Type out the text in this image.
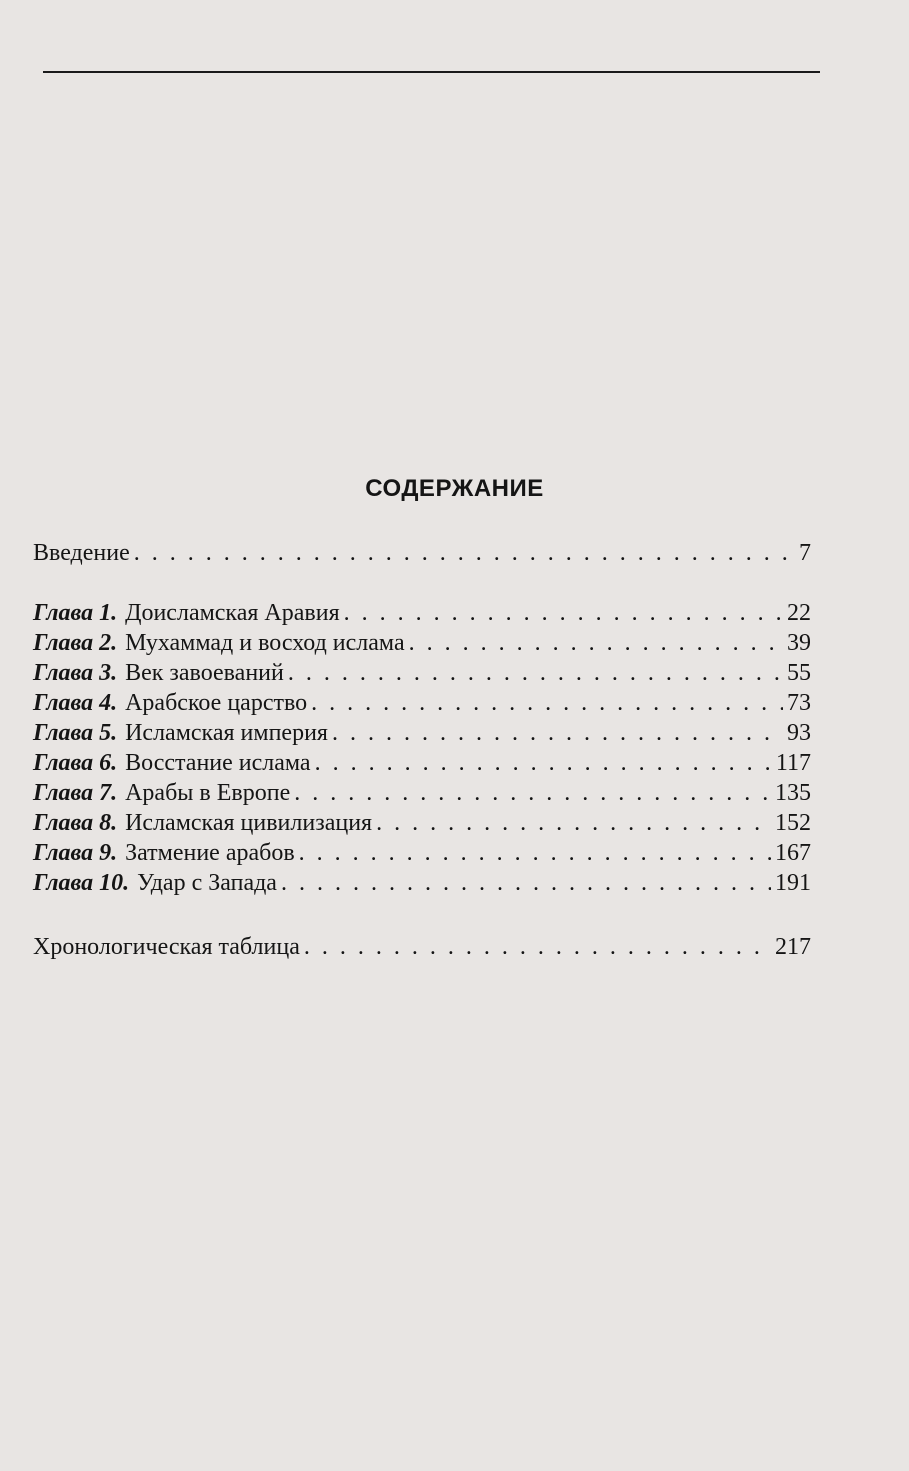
СОДЕРЖАНИЕ
Введение . . .	7
Глава 1. Доисламская Аравия . . .	22
Глава 2. Мухаммад и восход ислама . . .	39
Глава 3. Век завоеваний . . .	55
Глава 4. Арабское царство . . .	73
Глава 5. Исламская империя . . .	93
Глава 6. Восстание ислама . . .	117
Глава 7. Арабы в Европе . . .	135
Глава 8. Исламская цивилизация . . .	152
Глава 9. Затмение арабов . . .	167
Глава 10. Удар с Запада . . .	191
Хронологическая таблица . . .	217
